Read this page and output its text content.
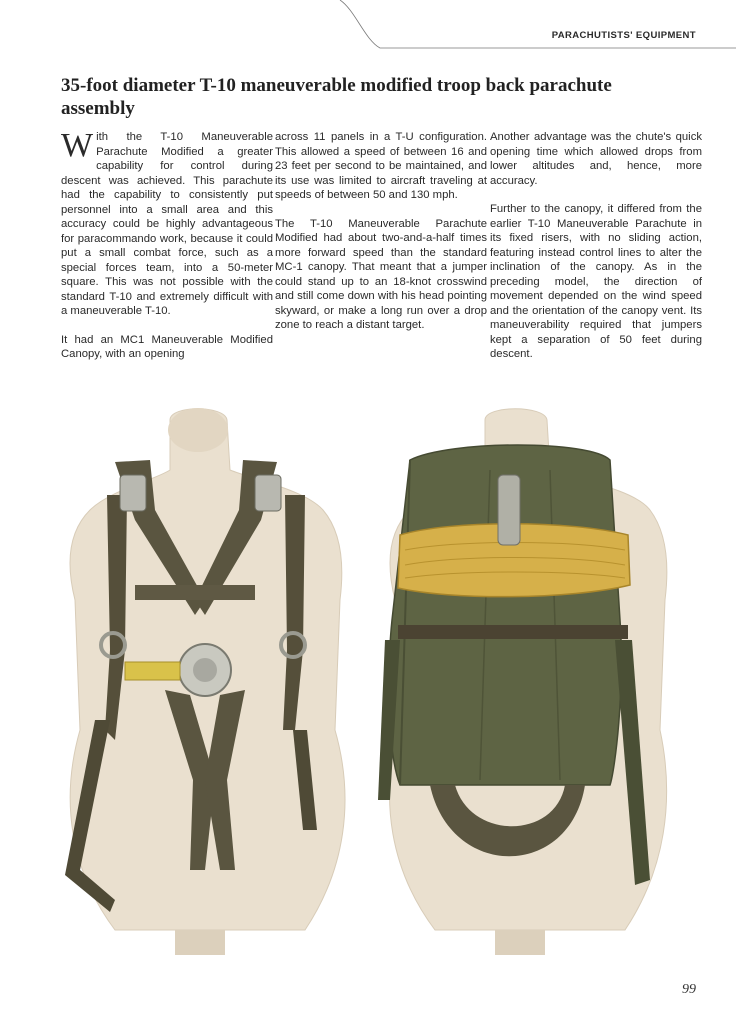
PARACHUTISTS' EQUIPMENT
35-foot diameter T-10 maneuverable modified troop back parachute assembly

With the T-10 Maneuverable Parachute Modified a greater capability for control during descent was achieved. This parachute had the capability to consistently put personnel into a small area and this accuracy could be highly advantageous for paracommando work, because it could put a small combat force, such as a special forces team, into a 50-meter square. This was not possible with the standard T-10 and extremely difficult with a maneuverable T-10.

It had an MC1 Maneuverable Modified Canopy, with an opening

across 11 panels in a T-U configuration. This allowed a speed of between 16 and 23 feet per second to be maintained, and its use was limited to aircraft traveling at speeds of between 50 and 130 mph.

The T-10 Maneuverable Parachute Modified had about two-and-a-half times more forward speed than the standard MC-1 canopy. That meant that a jumper could stand up to an 18-knot crosswind and still come down with his head pointing skyward, or make a long run over a drop zone to reach a distant target.

Another advantage was the chute's quick opening time which allowed drops from lower altitudes and, hence, more accuracy.

Further to the canopy, it differed from the earlier T-10 Maneuverable Parachute in its fixed risers, with no sliding action, featuring instead control lines to alter the inclination of the canopy. As in the preceding model, the direction of movement depended on the wind speed and the orientation of the canopy vent. Its maneuverability required that jumpers kept a separation of 50 feet during descent.

99
